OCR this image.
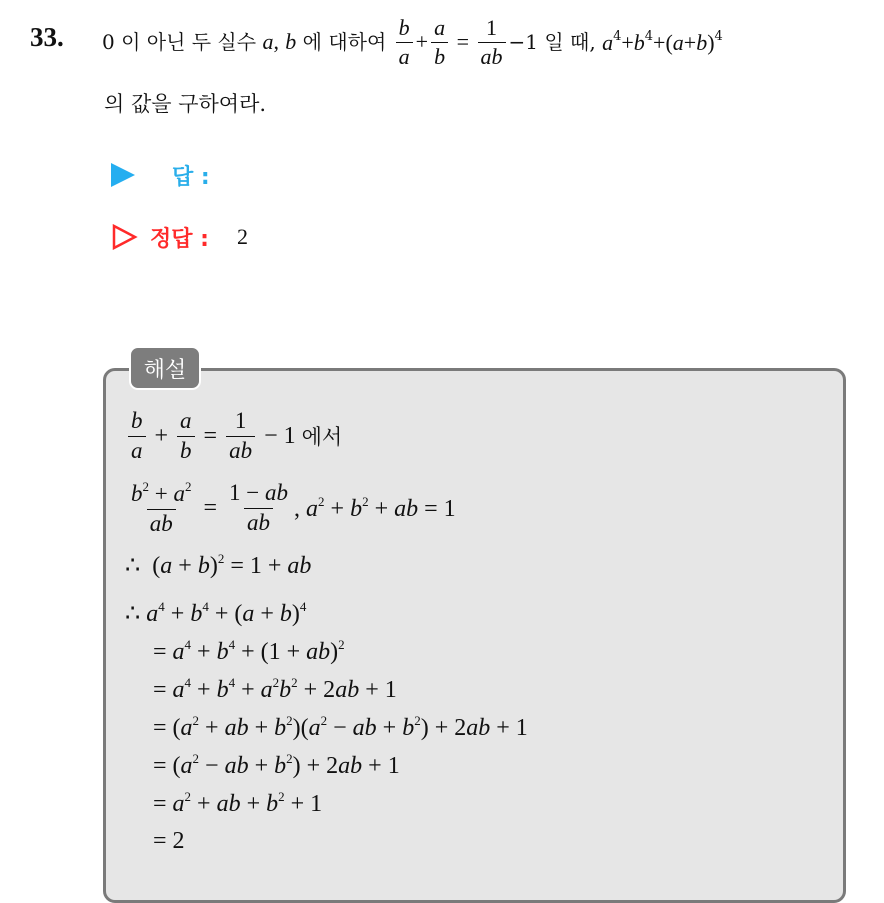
33. 0 이 아닌 두 실수
a ,
b
에 대하여
$\frac{b}{a} + \frac{a}{b} = \frac{1}{ab} -1$ 일 때,
$a^4+b^4+(a+b)^4$
의 값을 구하여라.
답 :
정답 : 2
해설
$\frac{b}{a} + \frac{a}{b} = \frac{1}{ab} - 1$ 에서
$\frac{b^2 + a^2}{ab} = \frac{1 - ab}{ab}$ , $a^2 + b^2$ + ab = 1
∴  $(a + b)^2 = 1$ + ab
∴ $a^4 + b^4 + (a + b)^4$
= $a^4 + b^4 + (1 + ab)^2$
= $a^4 + b^4 + a^2b^2 + 2ab + 1$
= ($a^2$ + ab + $b^2)(a^2$ − ab + $b^2) + 2ab + 1$
= ($a^2$ − ab + $b^2) + 2ab + 1$
= $a^2$ + ab + $b^2 + 1$
= 2
